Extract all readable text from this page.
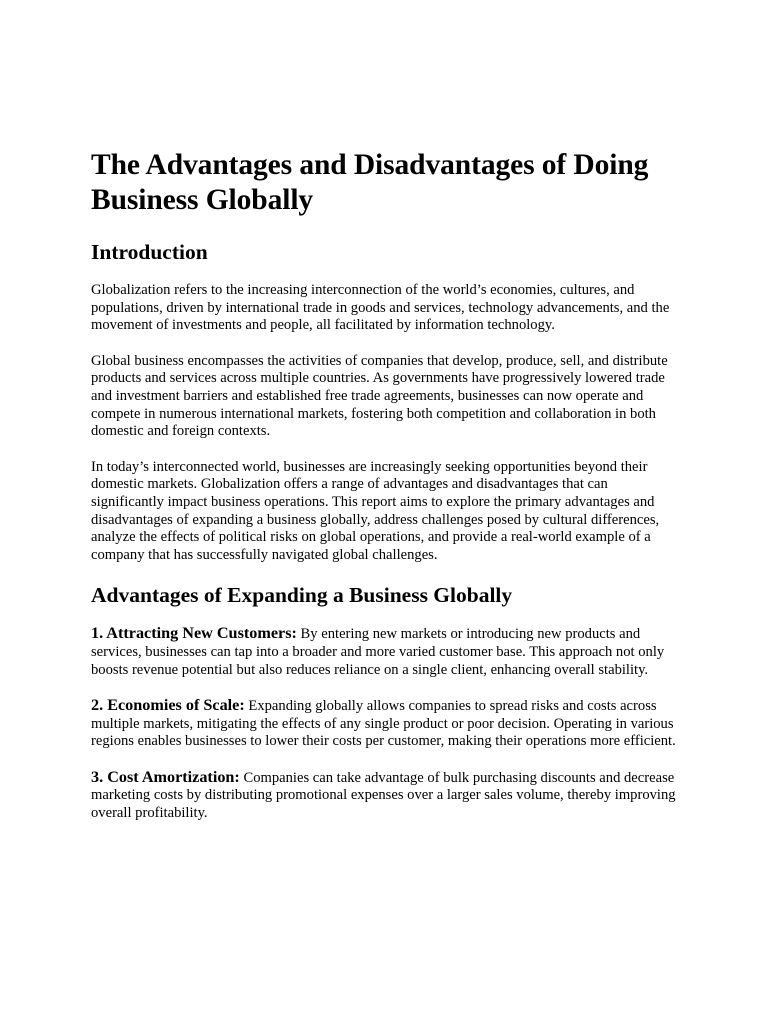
The Advantages and Disadvantages of Doing Business Globally
Introduction

Globalization refers to the increasing interconnection of the world’s economies, cultures, and populations, driven by international trade in goods and services, technology advancements, and the movement of investments and people, all facilitated by information technology.

Global business encompasses the activities of companies that develop, produce, sell, and distribute products and services across multiple countries. As governments have progressively lowered trade and investment barriers and established free trade agreements, businesses can now operate and compete in numerous international markets, fostering both competition and collaboration in both domestic and foreign contexts.

In today’s interconnected world, businesses are increasingly seeking opportunities beyond their domestic markets. Globalization offers a range of advantages and disadvantages that can significantly impact business operations. This report aims to explore the primary advantages and disadvantages of expanding a business globally, address challenges posed by cultural differences, analyze the effects of political risks on global operations, and provide a real-world example of a company that has successfully navigated global challenges.

Advantages of Expanding a Business Globally

1. Attracting New Customers: By entering new markets or introducing new products and services, businesses can tap into a broader and more varied customer base. This approach not only boosts revenue potential but also reduces reliance on a single client, enhancing overall stability.

2. Economies of Scale: Expanding globally allows companies to spread risks and costs across multiple markets, mitigating the effects of any single product or poor decision. Operating in various regions enables businesses to lower their costs per customer, making their operations more efficient.

3. Cost Amortization: Companies can take advantage of bulk purchasing discounts and decrease marketing costs by distributing promotional expenses over a larger sales volume, thereby improving overall profitability.
